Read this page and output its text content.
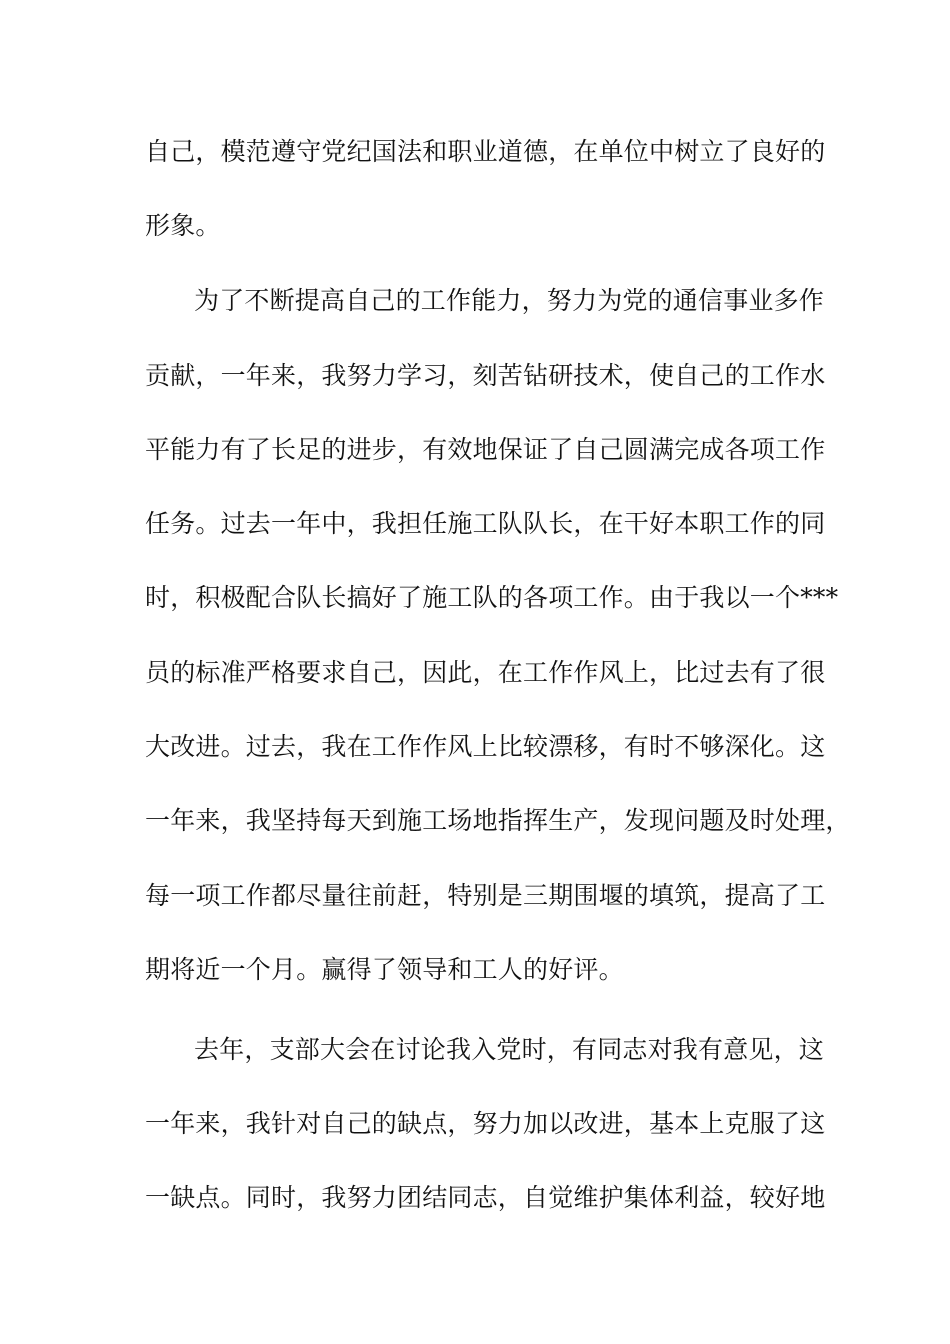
自己，模范遵守党纪国法和职业道德，在单位中树立了良好的
形象。
为了不断提高自己的工作能力，努力为党的通信事业多作
贡献，一年来，我努力学习，刻苦钻研技术，使自己的工作水
平能力有了长足的进步，有效地保证了自己圆满完成各项工作
任务。过去一年中，我担任施工队队长，在干好本职工作的同
时，积极配合队长搞好了施工队的各项工作。由于我以一个***
员的标准严格要求自己，因此，在工作作风上，比过去有了很
大改进。过去，我在工作作风上比较漂移，有时不够深化。这
一年来，我坚持每天到施工场地指挥生产，发现问题及时处理，
每一项工作都尽量往前赶，特别是三期围堰的填筑，提高了工
期将近一个月。赢得了领导和工人的好评。
去年，支部大会在讨论我入党时，有同志对我有意见，这
一年来，我针对自己的缺点，努力加以改进，基本上克服了这
一缺点。同时，我努力团结同志，自觉维护集体利益，较好地
